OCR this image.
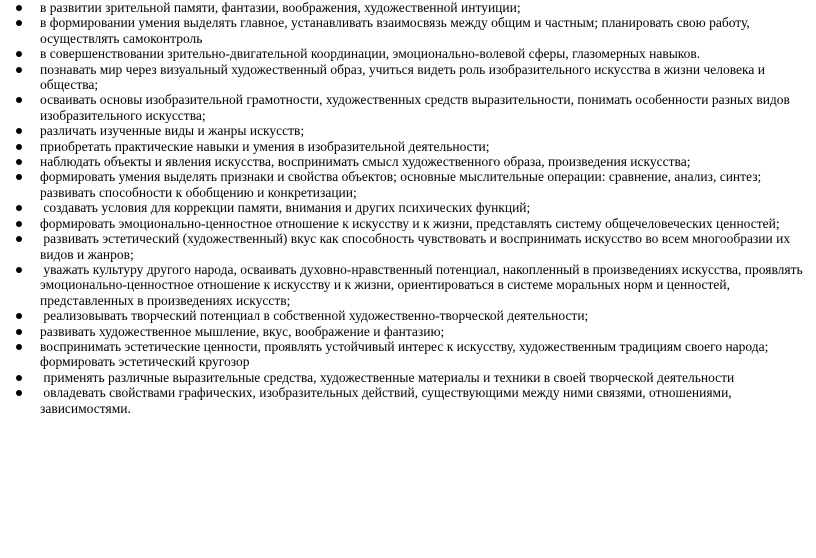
в развитии зрительной памяти, фантазии, воображения, художественной интуиции;
в формировании умения выделять главное, устанавливать взаимосвязь между общим и частным; планировать свою работу, осуществлять самоконтроль
в совершенствовании зрительно-двигательной координации, эмоционально-волевой сферы, глазомерных навыков.
познавать мир через визуальный художественный образ, учиться видеть роль изобразительного искусства в жизни человека и общества;
осваивать основы изобразительной грамотности, художественных средств выразительности, понимать особенности разных видов изобразительного искусства;
различать изученные виды и жанры искусств;
приобретать практические навыки и умения в изобразительной деятельности;
наблюдать объекты и явления искусства, воспринимать смысл художественного образа, произведения искусства;
формировать умения выделять признаки и свойства объектов; основные мыслительные операции: сравнение, анализ, синтез; развивать способности к обобщению и конкретизации;
создавать условия для коррекции памяти, внимания и других психических функций;
формировать эмоционально-ценностное отношение к искусству и к жизни, представлять систему общечеловеческих ценностей;
развивать эстетический (художественный) вкус как способность чувствовать и воспринимать искусство во всем многообразии их видов и жанров;
уважать культуру другого народа, осваивать духовно-нравственный потенциал, накопленный в произведениях искусства, проявлять эмоционально-ценностное отношение к искусству и к жизни, ориентироваться в системе моральных норм и ценностей, представленных в произведениях искусств;
реализовывать творческий потенциал в собственной художественно-творческой деятельности;
развивать художественное мышление, вкус, воображение и фантазию;
воспринимать эстетические ценности, проявлять устойчивый интерес к искусству, художественным традициям своего народа; формировать эстетический кругозор
применять различные выразительные средства, художественные материалы и техники в своей творческой деятельности
овладевать свойствами графических, изобразительных действий, существующими между ними связями, отношениями, зависимостями.
